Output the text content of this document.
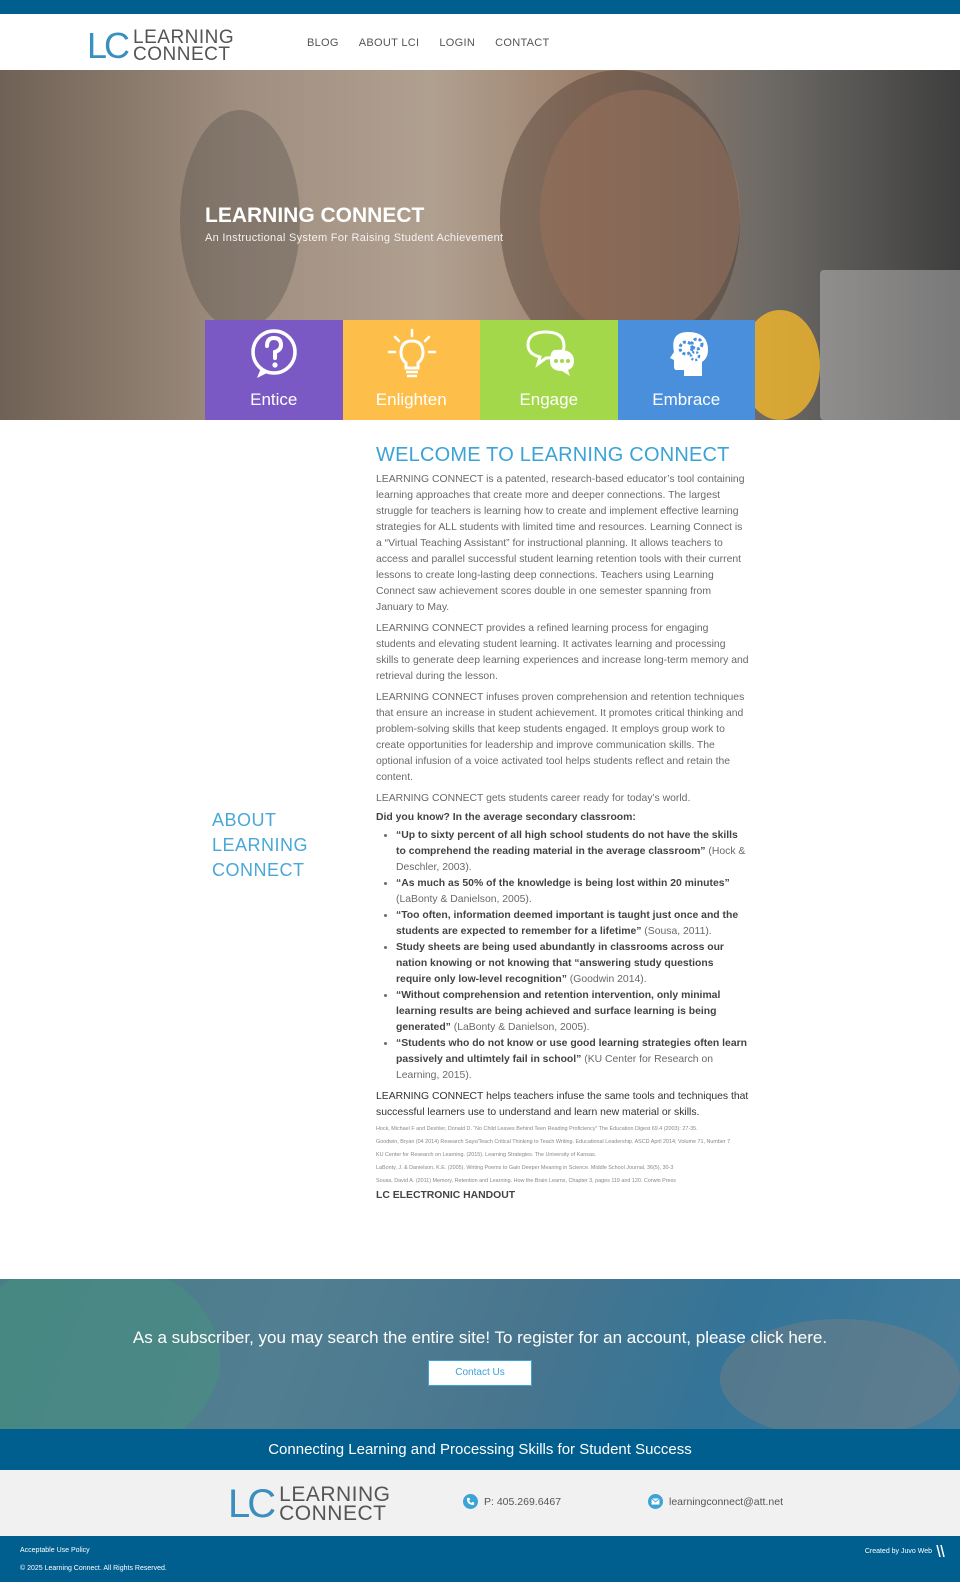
LC LEARNING
CONNECT
BLOG ABOUT LCI LOGIN CONTACT
LEARNING CONNECT
An Instructional System For Raising Student Achievement
Entice	Enlighten	Engage	Embrace
ABOUT
LEARNING
CONNECT
WELCOME TO LEARNING CONNECT

LEARNING CONNECT is a patented, research-based educator’s tool containing learning approaches that create more and deeper connections. The largest struggle for teachers is learning how to create and implement effective learning strategies for ALL students with limited time and resources. Learning Connect is a “Virtual Teaching Assistant” for instructional planning. It allows teachers to access and parallel successful student learning retention tools with their current lessons to create long-lasting deep connections. Teachers using Learning Connect saw achievement scores double in one semester spanning from January to May.

LEARNING CONNECT provides a refined learning process for engaging students and elevating student learning. It activates learning and processing skills to generate deep learning experiences and increase long-term memory and retrieval during the lesson.

LEARNING CONNECT infuses proven comprehension and retention techniques that ensure an increase in student achievement. It promotes critical thinking and problem-solving skills that keep students engaged. It employs group work to create opportunities for leadership and improve communication skills. The optional infusion of a voice activated tool helps students reflect and retain the content.

LEARNING CONNECT gets students career ready for today’s world.

Did you know? In the average secondary classroom:

• “Up to sixty percent of all high school students do not have the skills to comprehend the reading material in the average classroom” (Hock & Deschler, 2003).
• “As much as 50% of the knowledge is being lost within 20 minutes” (LaBonty & Danielson, 2005).
• “Too often, information deemed important is taught just once and the students are expected to remember for a lifetime” (Sousa, 2011).
• Study sheets are being used abundantly in classrooms across our nation knowing or not knowing that “answering study questions require only low-level recognition” (Goodwin 2014).
• “Without comprehension and retention intervention, only minimal learning results are being achieved and surface learning is being generated” (LaBonty & Danielson, 2005).
• “Students who do not know or use good learning strategies often learn passively and ultimtely fail in school” (KU Center for Research on Learning, 2015).

LEARNING CONNECT helps teachers infuse the same tools and techniques that successful learners use to understand and learn new material or skills.

Hock, Michael F and Deshler, Donald D. “No Child Leaves Behind Teen Reading Proficiency” The Education Digest 69.4 (2003): 27-35.
Goodwin, Bryan (04 2014) Research Says/Teach Critical Thinking to Teach Writing. Educational Leadership. ASCD April 2014; Volume 71, Number 7
KU Center for Research on Learning. (2015). Learning Strategies. The University of Kansas.
LaBonty, J. & Danielson, K.E. (2005). Writing Poems to Gain Deeper Meaning in Science. Middle School Journal, 36(5), 30-3
Sousa, David A. (2011) Memory, Retention and Learning. How the Brain Learns, Chapter 3, pages 119 and 120. Corwin Press
LC ELECTRONIC HANDOUT
As a subscriber, you may search the entire site! To register for an account, please click here.
Contact Us
Connecting Learning and Processing Skills for Student Success
LC LEARNING
CONNECT
P: 405.269.6467	learningconnect@att.net
Acceptable Use Policy
© 2025 Learning Connect. All Rights Reserved.
Created by Juvo Web
